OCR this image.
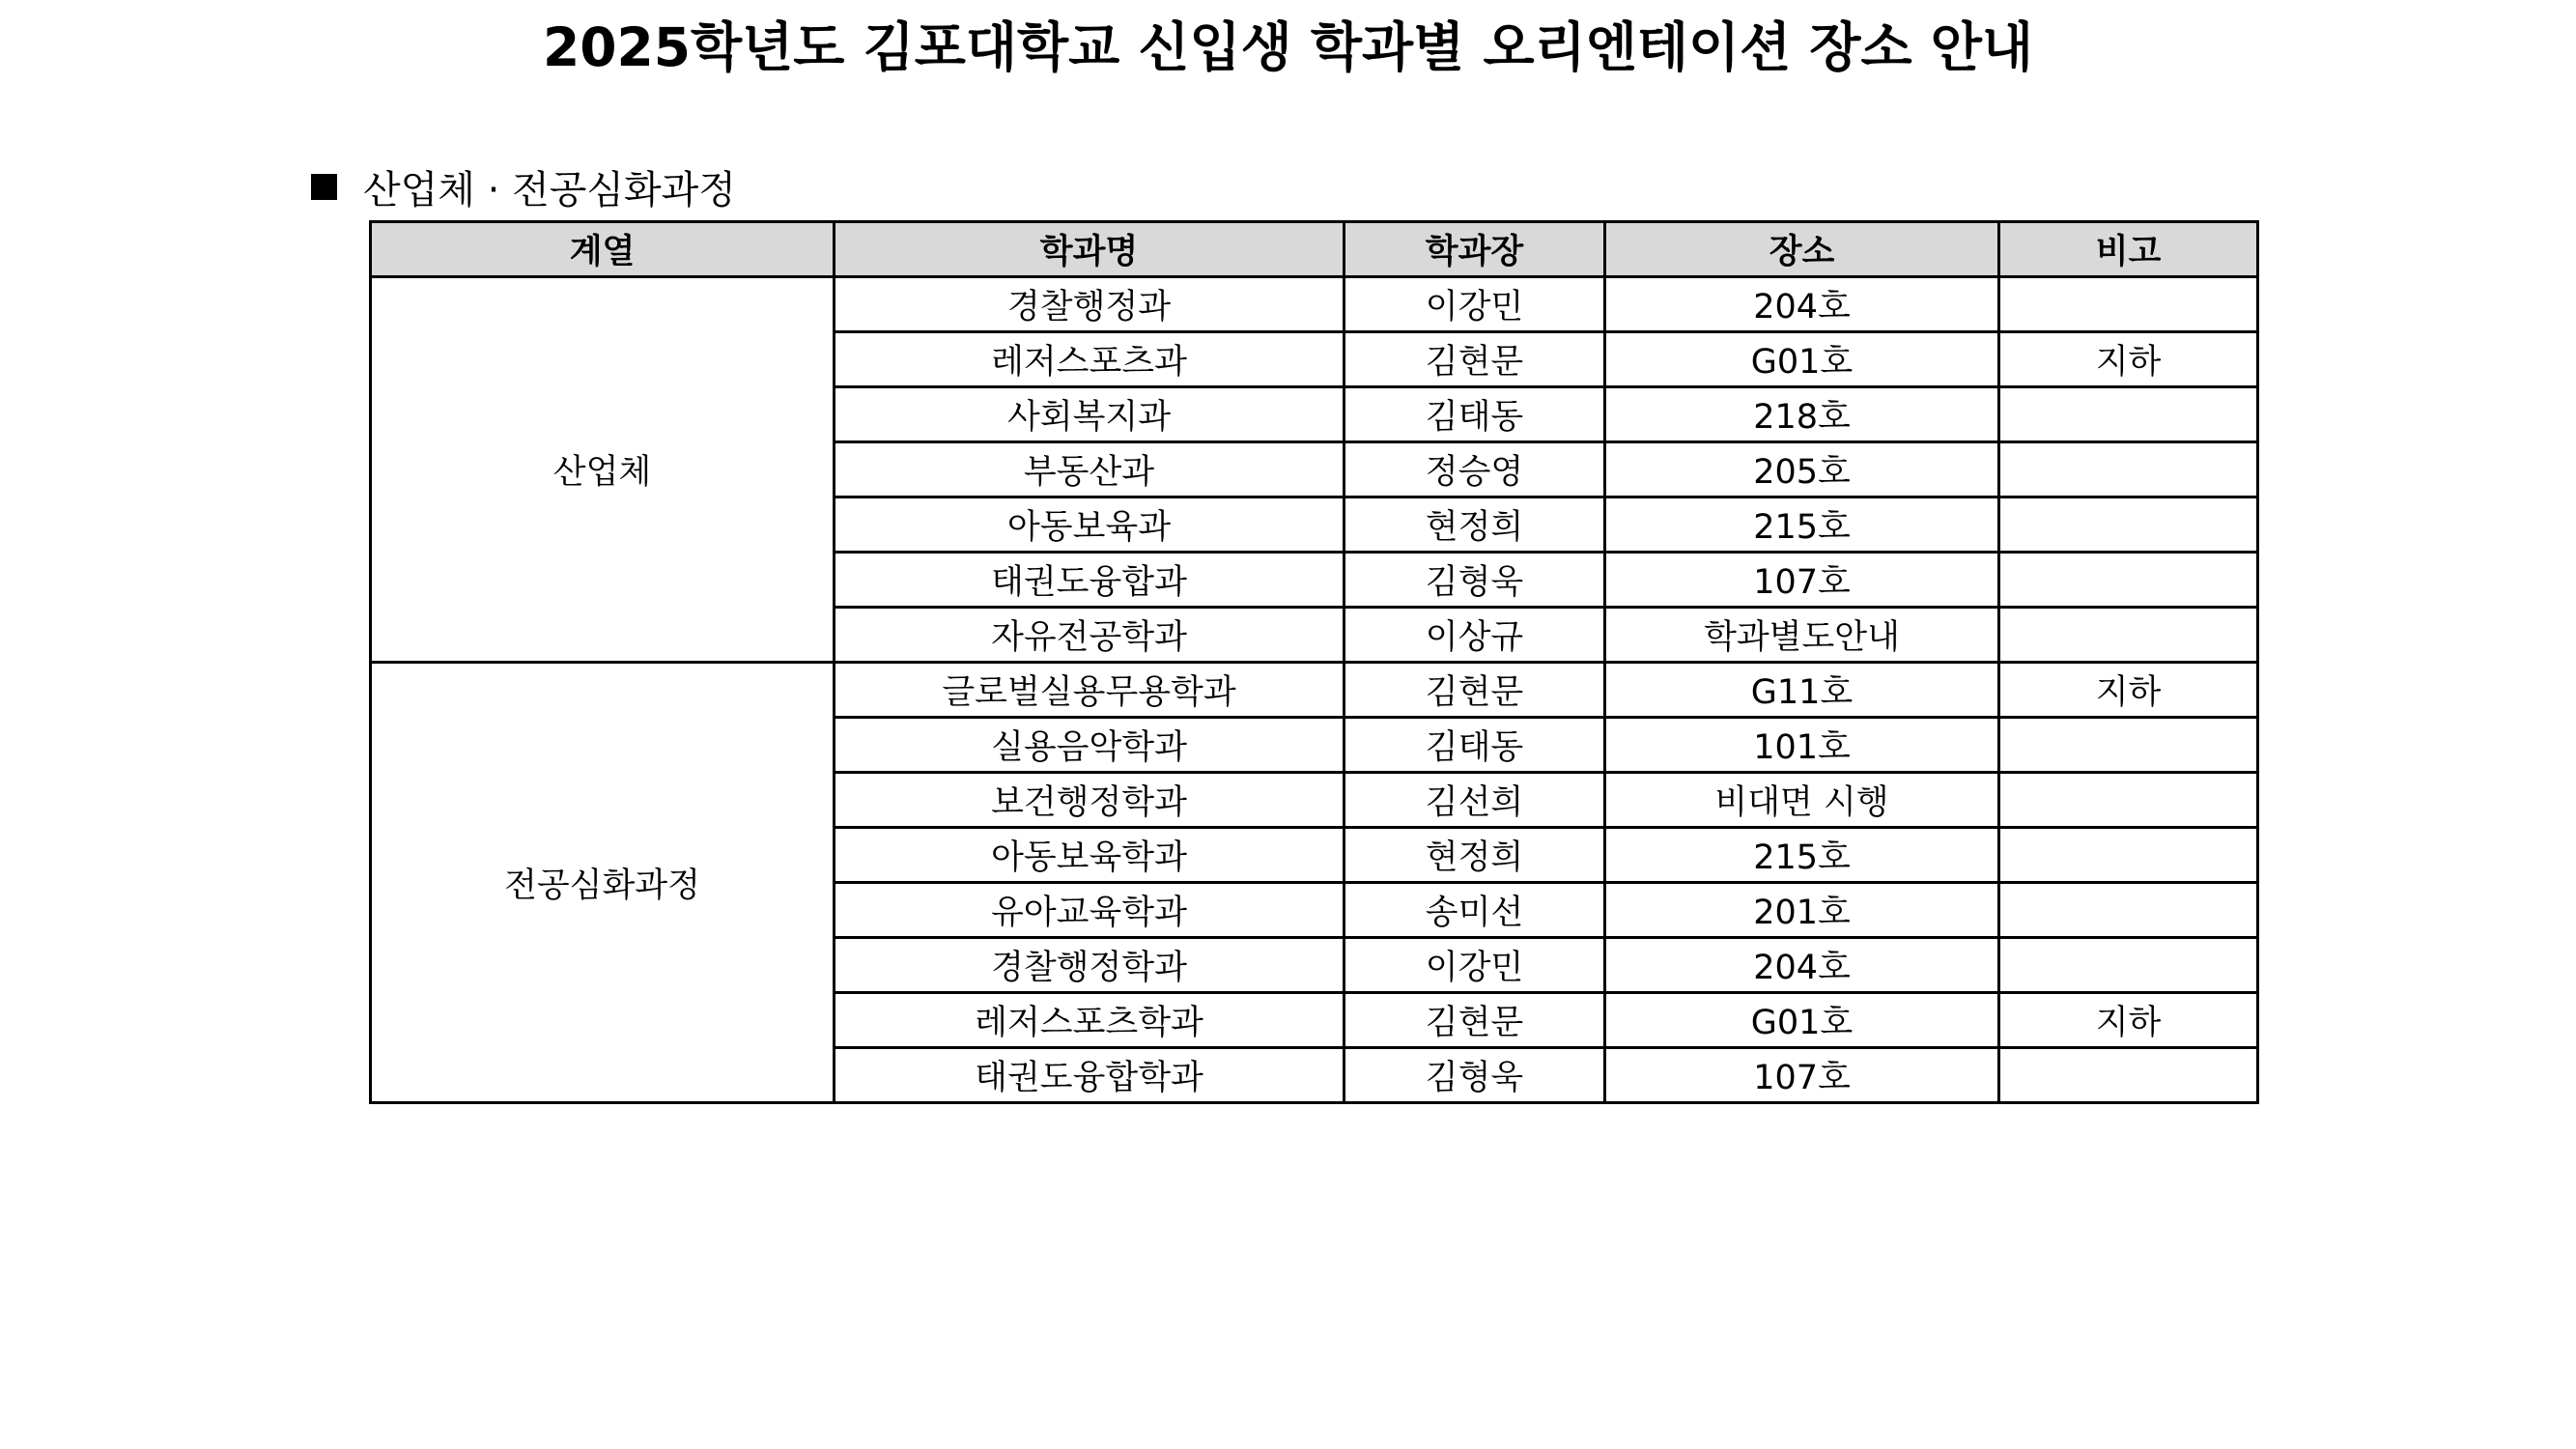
2025학년도 김포대학교 신입생 학과별 오리엔테이션 장소 안내
산업체 · 전공심화과정
계열	학과명	학과장	장소	비고
산업체	경찰행정과	이강민	204호	
	레저스포츠과	김현문	G01호	지하
	사회복지과	김태동	218호	
	부동산과	정승영	205호	
	아동보육과	현정희	215호	
	태권도융합과	김형욱	107호	
	자유전공학과	이상규	학과별도안내	
전공심화과정	글로벌실용무용학과	김현문	G11호	지하
	실용음악학과	김태동	101호	
	보건행정학과	김선희	비대면 시행	
	아동보육학과	현정희	215호	
	유아교육학과	송미선	201호	
	경찰행정학과	이강민	204호	
	레저스포츠학과	김현문	G01호	지하
	태권도융합학과	김형욱	107호	
